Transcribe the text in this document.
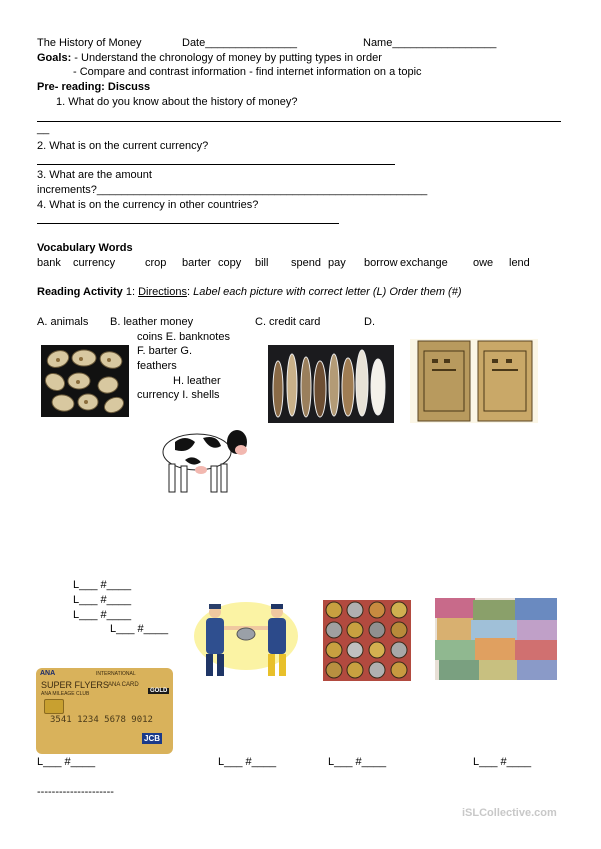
The History of Money	Date_______________	Name_________________
Goals: - Understand the chronology of money by putting types in order
- Compare and contrast information - find internet information on a topic
Pre- reading: Discuss
1. What do you know about the history of money?
__
2. What is on the current currency?
3. What are the amount
increments?______________________________________________________
4. What is on the currency in other countries?
Vocabulary Words
bank currency	crop barter copy bill spend pay borrow exchange owe lend
Reading Activity 1: Directions: Label each picture with correct letter (L) Order them (#)
A. animals B. leather money	C. credit card	D.
coins E. banknotes
F. barter G.
feathers
H. leather
currency I. shells
L___ #____
L___ #____
L___ #____
L___ #____
ANA	INTERNATIONAL
SUPER FLYERS ANA CARD
ANA MILEAGE CLUB	GOLD
3541 1234 5678 9012
JCB
L___ #____	L___ #____	L___ #____	L___ #____
---------------------
iSLCollective.com
